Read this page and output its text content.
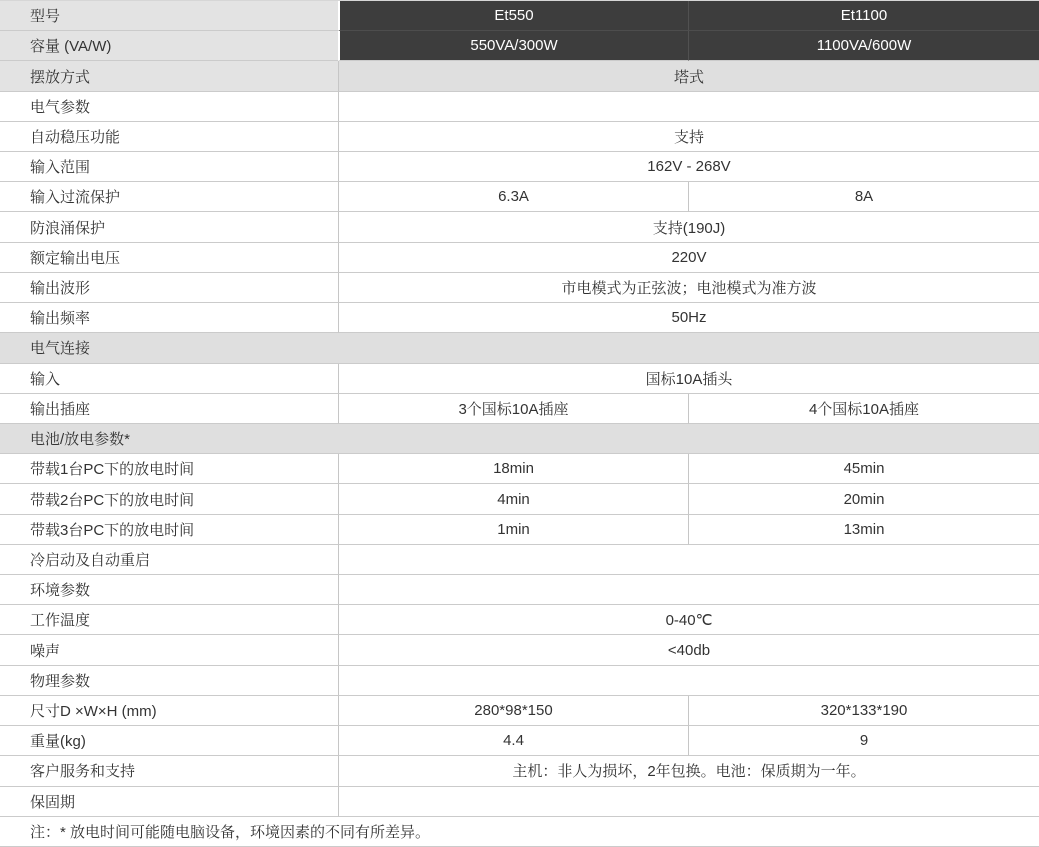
型号	Et550	Et1100
容量 (VA/W)	550VA/300W	1100VA/600W
摆放方式	塔式
电气参数
自动稳压功能	支持
输入范围	162V - 268V
输入过流保护	6.3A	8A
防浪涌保护	支持(190J)
额定输出电压	220V
输出波形	市电模式为正弦波；电池模式为准方波
输出频率	50Hz
电气连接
输入	国标10A插头
输出插座	3个国标10A插座	4个国标10A插座
电池/放电参数*
带载1台PC下的放电时间	18min	45min
带载2台PC下的放电时间	4min	20min
带载3台PC下的放电时间	1min	13min
冷启动及自动重启
环境参数
工作温度	0-40℃
噪声	<40db
物理参数
尺寸D ×W×H (mm)	280*98*150	320*133*190
重量(kg)	4.4	9
客户服务和支持	主机：非人为损坏，2年包换。电池：保质期为一年。
保固期
注：* 放电时间可能随电脑设备，环境因素的不同有所差异。
